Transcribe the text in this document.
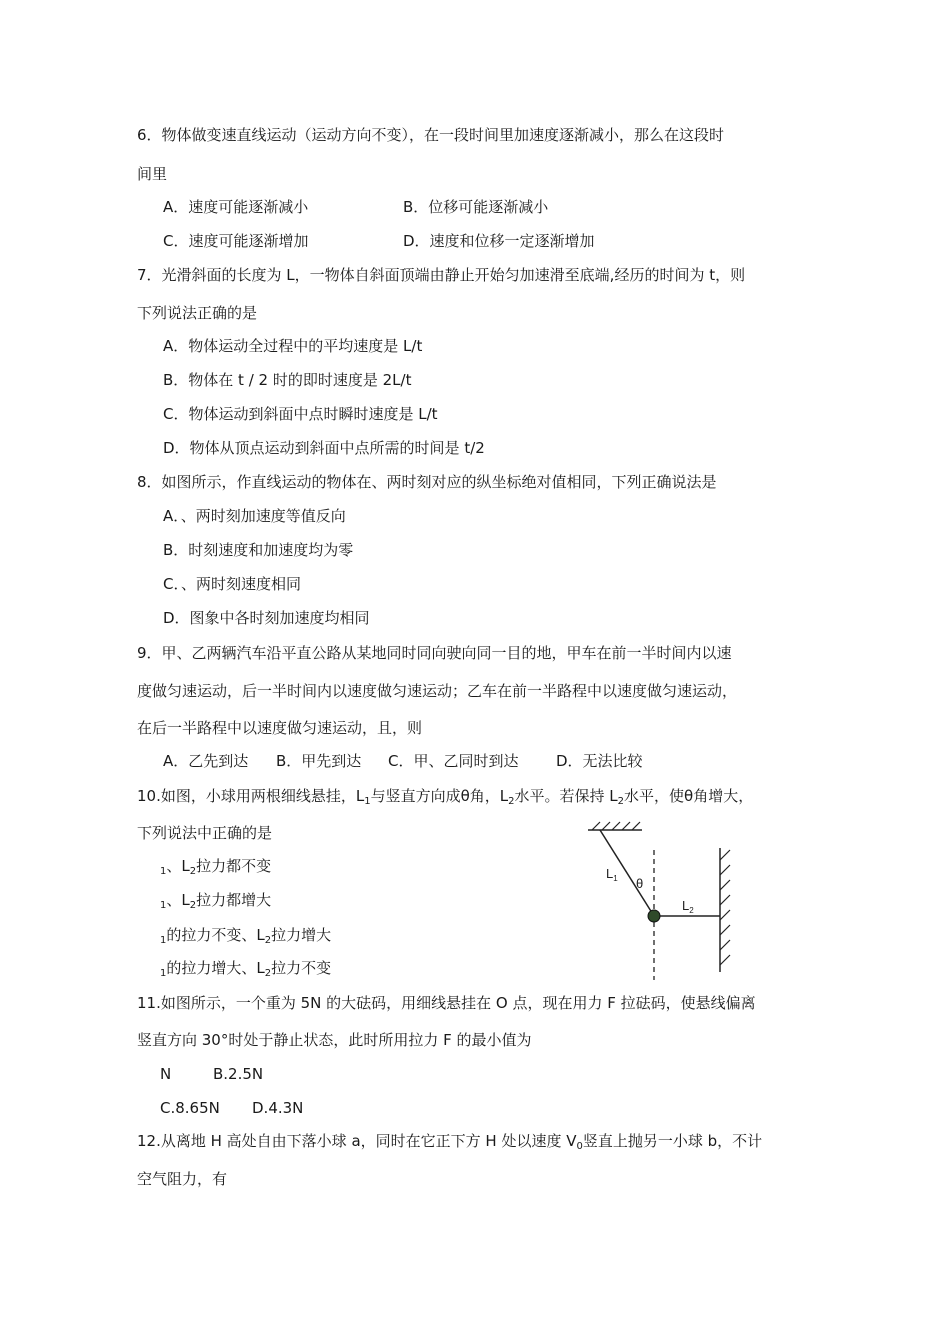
6．物体做变速直线运动（运动方向不变），在一段时间里加速度逐渐减小，那么在这段时
间里
A．速度可能逐渐减小	B．位移可能逐渐减小
C．速度可能逐渐增加	D．速度和位移一定逐渐增加
7．光滑斜面的长度为 L，一物体自斜面顶端由静止开始匀加速滑至底端,经历的时间为 t，则
下列说法正确的是
A．物体运动全过程中的平均速度是 L/t
B．物体在 t / 2 时的即时速度是 2L/t
C．物体运动到斜面中点时瞬时速度是 L/t
D．物体从顶点运动到斜面中点所需的时间是 t/2
8．如图所示，作直线运动的物体在、两时刻对应的纵坐标绝对值相同，下列正确说法是
A．、两时刻加速度等值反向
B．时刻速度和加速度均为零
C．、两时刻速度相同
D．图象中各时刻加速度均相同
9．甲、乙两辆汽车沿平直公路从某地同时同向驶向同一目的地，甲车在前一半时间内以速
度做匀速运动，后一半时间内以速度做匀速运动；乙车在前一半路程中以速度做匀速运动，
在后一半路程中以速度做匀速运动，且，则
A．乙先到达 B．甲先到达 C．甲、乙同时到达	D．无法比较
10.如图，小球用两根细线悬挂，$L_1$与竖直方向成θ角，$L_2$水平。若保持 $L_2$水平，使θ角增大，
下列说法中正确的是
$_1$、$L_2$拉力都不变
$_1$、$L_2$拉力都增大
$_1$的拉力不变、$L_2$拉力增大
$_1$的拉力增大、$L_2$拉力不变
$L_1$ θ
$L_2$
11.如图所示，一个重为 5N 的大砝码，用细线悬挂在 O 点，现在用力 F 拉砝码，使悬线偏离
竖直方向 30°时处于静止状态，此时所用拉力 F 的最小值为
N	B.2.5N
C.8.65N D.4.3N
12.从离地 H 高处自由下落小球 a，同时在它正下方 H 处以速度 $V_0$竖直上抛另一小球 b，不计
空气阻力，有
